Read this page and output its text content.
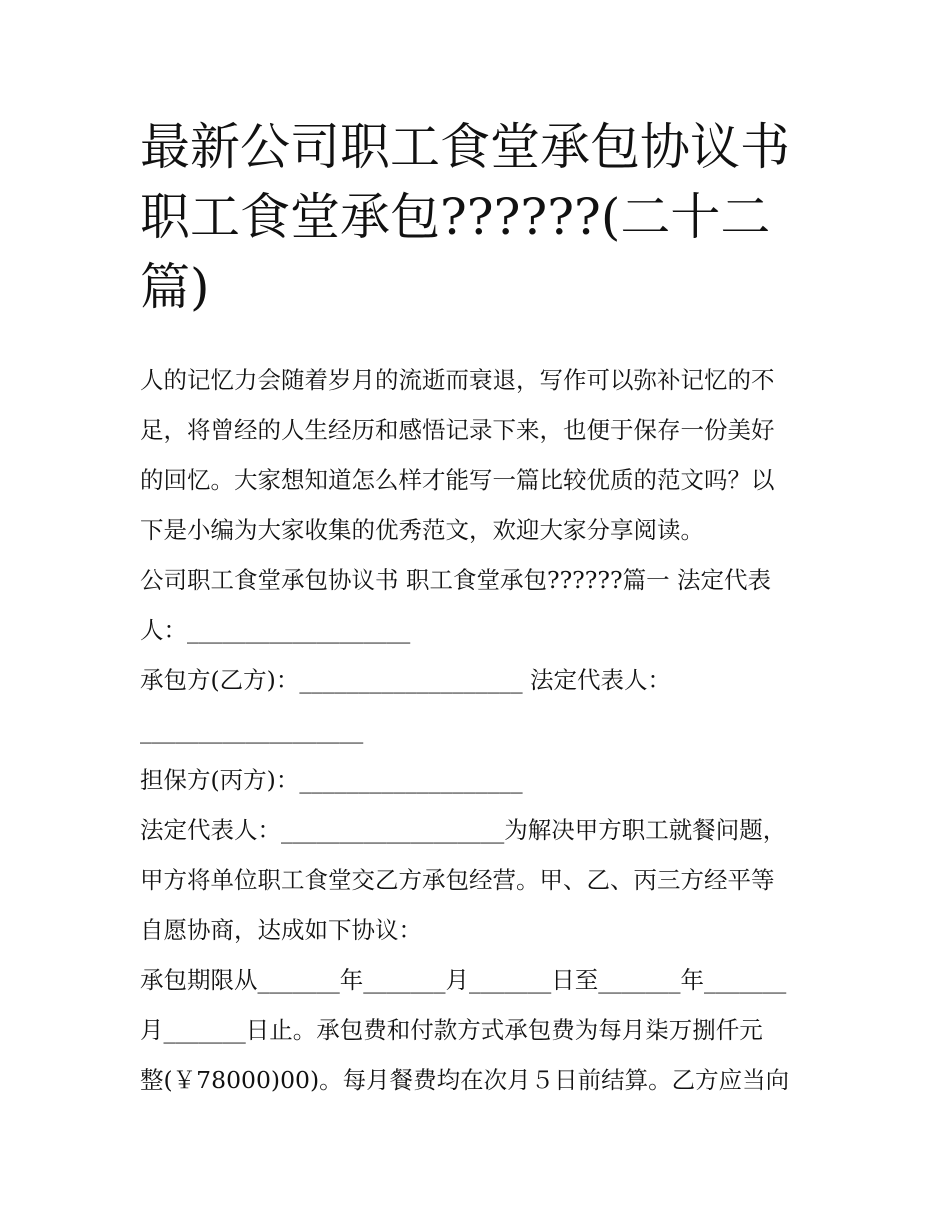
最新公司职工食堂承包协议书
职工食堂承包??????(二十二
篇)
人的记忆力会随着岁月的流逝而衰退，写作可以弥补记忆的不
足，将曾经的人生经历和感悟记录下来，也便于保存一份美好
的回忆。大家想知道怎么样才能写一篇比较优质的范文吗？以
下是小编为大家收集的优秀范文，欢迎大家分享阅读。
公司职工食堂承包协议书 职工食堂承包??????篇一 法定代表
人：___________________
承包方(乙方)：___________________ 法定代表人：
___________________
担保方(丙方)：___________________
法定代表人：___________________为解决甲方职工就餐问题，
甲方将单位职工食堂交乙方承包经营。甲、乙、丙三方经平等
自愿协商，达成如下协议：
承包期限从_______年_______月_______日至_______年_______
月_______日止。承包费和付款方式承包费为每月柒万捌仟元
整(￥78000)00)。每月餐费均在次月５日前结算。乙方应当向
